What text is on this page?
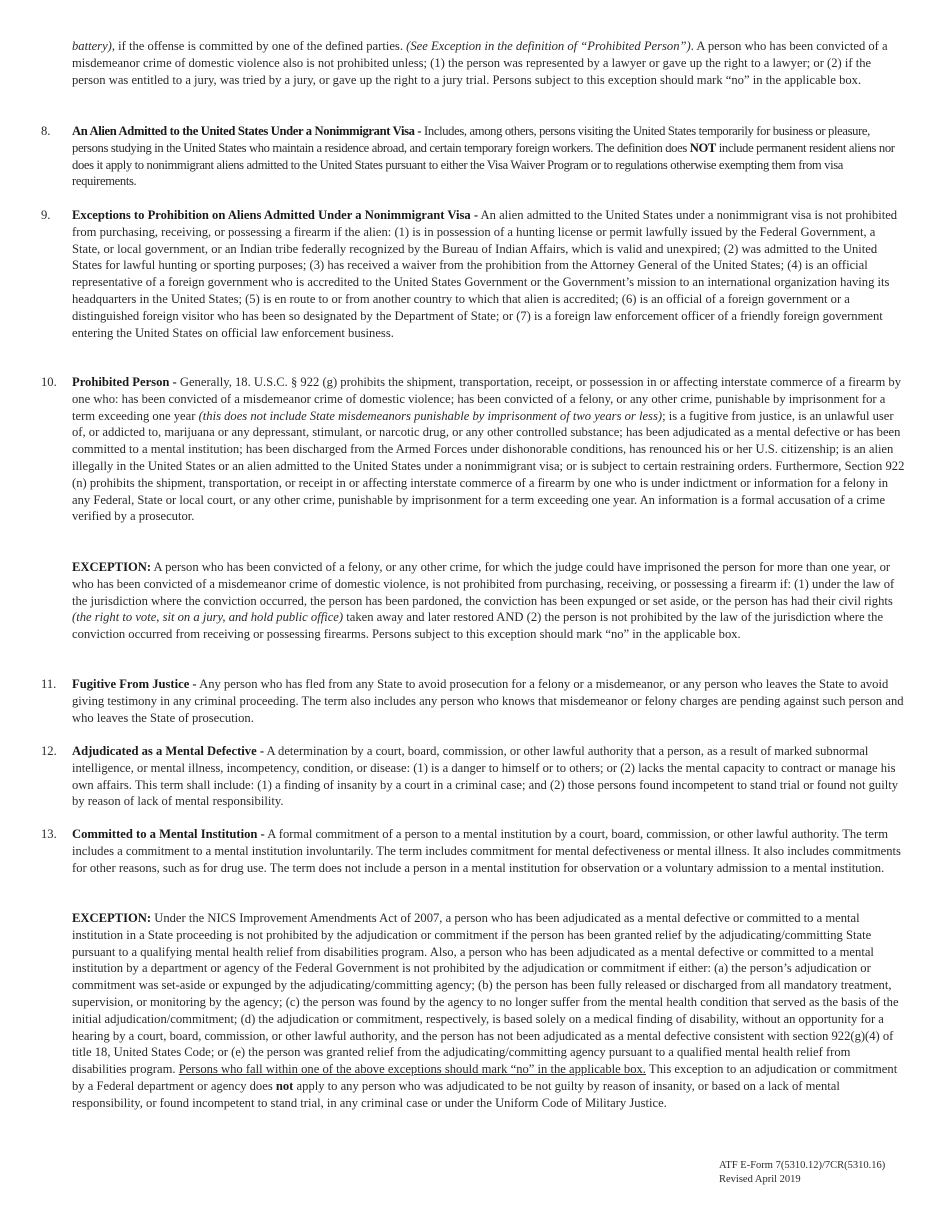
battery), if the offense is committed by one of the defined parties. (See Exception in the definition of “Prohibited Person”). A person who has been convicted of a misdemeanor crime of domestic violence also is not prohibited unless; (1) the person was represented by a lawyer or gave up the right to a lawyer; or (2) if the person was entitled to a jury, was tried by a jury, or gave up the right to a jury trial. Persons subject to this exception should mark “no” in the applicable box.

8.	An Alien Admitted to the United States Under a Nonimmigrant Visa - Includes, among others, persons visiting the United States temporarily for business or pleasure, persons studying in the United States who maintain a residence abroad, and certain temporary foreign workers. The definition does NOT include permanent resident aliens nor does it apply to nonimmigrant aliens admitted to the United States pursuant to either the Visa Waiver Program or to regulations otherwise exempting them from visa requirements.

9.	Exceptions to Prohibition on Aliens Admitted Under a Nonimmigrant Visa - An alien admitted to the United States under a nonimmigrant visa is not prohibited from purchasing, receiving, or possessing a firearm if the alien: (1) is in possession of a hunting license or permit lawfully issued by the Federal Government, a State, or local government, or an Indian tribe federally recognized by the Bureau of Indian Affairs, which is valid and unexpired; (2) was admitted to the United States for lawful hunting or sporting purposes; (3) has received a waiver from the prohibition from the Attorney General of the United States; (4) is an official representative of a foreign government who is accredited to the United States Government or the Government’s mission to an international organization having its headquarters in the United States; (5) is en route to or from another country to which that alien is accredited; (6) is an official of a foreign government or a distinguished foreign visitor who has been so designated by the Department of State; or (7) is a foreign law enforcement officer of a friendly foreign government entering the United States on official law enforcement business.

10.	Prohibited Person - Generally, 18. U.S.C. § 922 (g) prohibits the shipment, transportation, receipt, or possession in or affecting interstate commerce of a firearm by one who: has been convicted of a misdemeanor crime of domestic violence; has been convicted of a felony, or any other crime, punishable by imprisonment for a term exceeding one year (this does not include State misdemeanors punishable by imprisonment of two years or less); is a fugitive from justice, is an unlawful user of, or addicted to, marijuana or any depressant, stimulant, or narcotic drug, or any other controlled substance; has been adjudicated as a mental defective or has been committed to a mental institution; has been discharged from the Armed Forces under dishonorable conditions, has renounced his or her U.S. citizenship; is an alien illegally in the United States or an alien admitted to the United States under a nonimmigrant visa; or is subject to certain restraining orders. Furthermore, Section 922 (n) prohibits the shipment, transportation, or receipt in or affecting interstate commerce of a firearm by one who is under indictment or information for a felony in any Federal, State or local court, or any other crime, punishable by imprisonment for a term exceeding one year. An information is a formal accusation of a crime verified by a prosecutor.

EXCEPTION: A person who has been convicted of a felony, or any other crime, for which the judge could have imprisoned the person for more than one year, or who has been convicted of a misdemeanor crime of domestic violence, is not prohibited from purchasing, receiving, or possessing a firearm if: (1) under the law of the jurisdiction where the conviction occurred, the person has been pardoned, the conviction has been expunged or set aside, or the person has had their civil rights (the right to vote, sit on a jury, and hold public office) taken away and later restored AND (2) the person is not prohibited by the law of the jurisdiction where the conviction occurred from receiving or possessing firearms. Persons subject to this exception should mark “no” in the applicable box.

11.	Fugitive From Justice - Any person who has fled from any State to avoid prosecution for a felony or a misdemeanor, or any person who leaves the State to avoid giving testimony in any criminal proceeding. The term also includes any person who knows that misdemeanor or felony charges are pending against such person and who leaves the State of prosecution.

12.	Adjudicated as a Mental Defective - A determination by a court, board, commission, or other lawful authority that a person, as a result of marked subnormal intelligence, or mental illness, incompetency, condition, or disease: (1) is a danger to himself or to others; or (2) lacks the mental capacity to contract or manage his own affairs. This term shall include: (1) a finding of insanity by a court in a criminal case; and (2) those persons found incompetent to stand trial or found not guilty by reason of lack of mental responsibility.

13.	Committed to a Mental Institution - A formal commitment of a person to a mental institution by a court, board, commission, or other lawful authority. The term includes a commitment to a mental institution involuntarily. The term includes commitment for mental defectiveness or mental illness. It also includes commitments for other reasons, such as for drug use. The term does not include a person in a mental institution for observation or a voluntary admission to a mental institution.

EXCEPTION: Under the NICS Improvement Amendments Act of 2007, a person who has been adjudicated as a mental defective or committed to a mental institution in a State proceeding is not prohibited by the adjudication or commitment if the person has been granted relief by the adjudicating/committing State pursuant to a qualifying mental health relief from disabilities program. Also, a person who has been adjudicated as a mental defective or committed to a mental institution by a department or agency of the Federal Government is not prohibited by the adjudication or commitment if either: (a) the person’s adjudication or commitment was set-aside or expunged by the adjudicating/committing agency; (b) the person has been fully released or discharged from all mandatory treatment, supervision, or monitoring by the agency; (c) the person was found by the agency to no longer suffer from the mental health condition that served as the basis of the initial adjudication/commitment; (d) the adjudication or commitment, respectively, is based solely on a medical finding of disability, without an opportunity for a hearing by a court, board, commission, or other lawful authority, and the person has not been adjudicated as a mental defective consistent with section 922(g)(4) of title 18, United States Code; or (e) the person was granted relief from the adjudicating/committing agency pursuant to a qualified mental health relief from disabilities program. Persons who fall within one of the above exceptions should mark “no” in the applicable box. This exception to an adjudication or commitment by a Federal department or agency does not apply to any person who was adjudicated to be not guilty by reason of insanity, or based on a lack of mental responsibility, or found incompetent to stand trial, in any criminal case or under the Uniform Code of Military Justice.

ATF E-Form 7(5310.12)/7CR(5310.16)
Revised April 2019
